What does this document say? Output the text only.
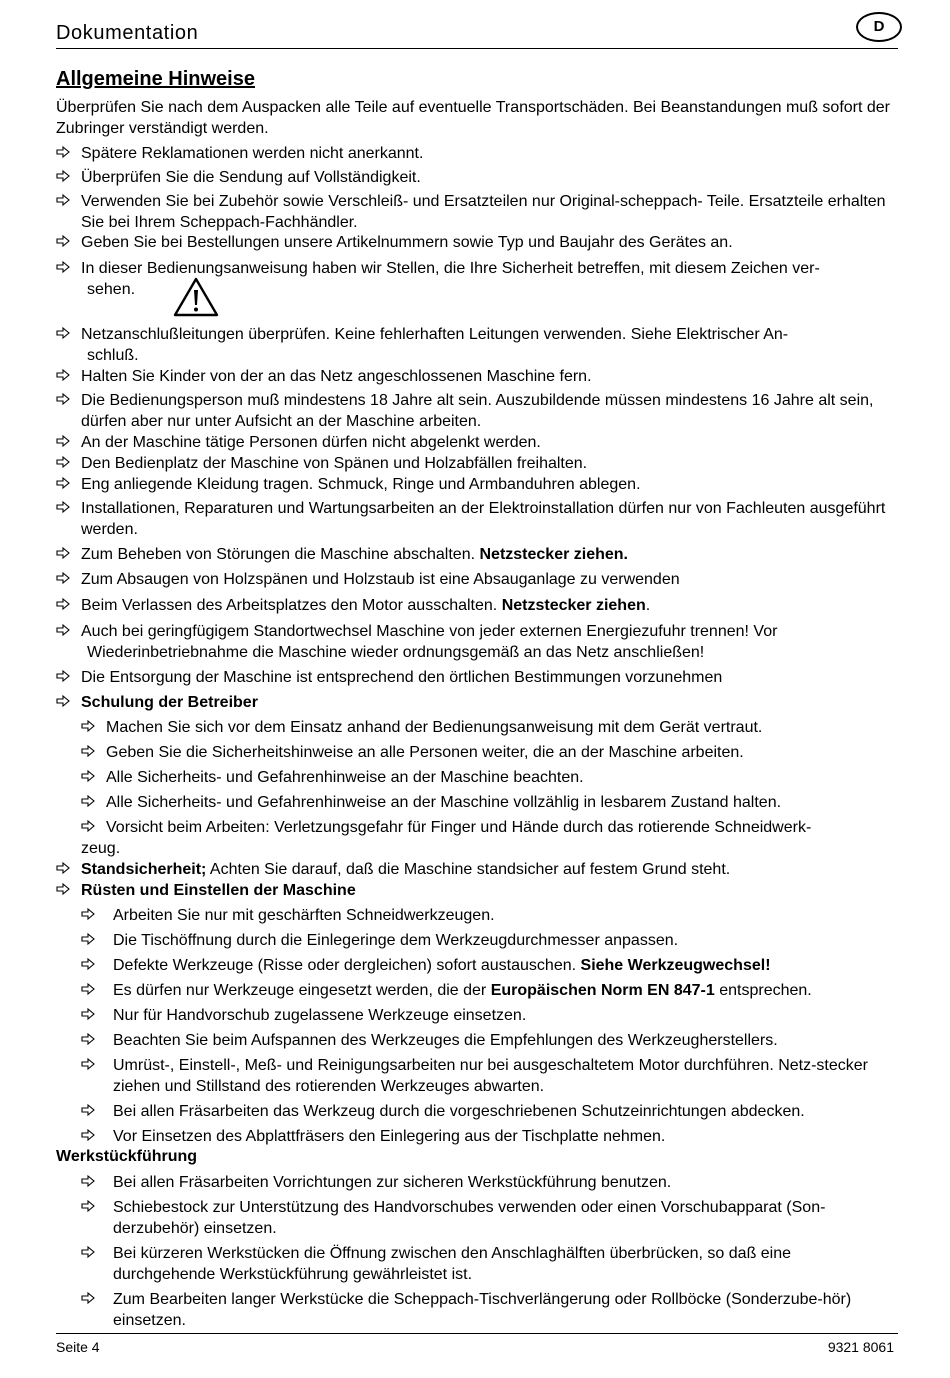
Dokumentation	D
Allgemeine Hinweise
Überprüfen Sie nach dem Auspacken alle Teile auf eventuelle Transportschäden. Bei Beanstandungen muß sofort der Zubringer verständigt werden.
Spätere Reklamationen werden nicht anerkannt.
Überprüfen Sie die Sendung auf Vollständigkeit.
Verwenden Sie bei Zubehör sowie Verschleiß- und Ersatzteilen nur Original-scheppach- Teile. Ersatzteile erhalten Sie bei Ihrem Scheppach-Fachhändler.
Geben Sie bei Bestellungen unsere Artikelnummern sowie Typ und Baujahr des Gerätes an.
In dieser Bedienungsanweisung haben wir Stellen, die Ihre Sicherheit betreffen, mit diesem Zeichen ver-
sehen.
Netzanschlußleitungen überprüfen. Keine fehlerhaften Leitungen verwenden. Siehe Elektrischer An-
schluß.
Halten Sie Kinder von der an das Netz angeschlossenen Maschine fern.
Die Bedienungsperson muß mindestens 18 Jahre alt sein. Auszubildende müssen mindestens 16 Jahre alt sein, dürfen aber nur unter Aufsicht an der Maschine arbeiten.
An der Maschine tätige Personen dürfen nicht abgelenkt werden.
Den Bedienplatz der Maschine von Spänen und Holzabfällen freihalten.
Eng anliegende Kleidung tragen. Schmuck, Ringe und Armbanduhren ablegen.
Installationen, Reparaturen und Wartungsarbeiten an der Elektroinstallation dürfen nur von Fachleuten ausgeführt werden.
Zum Beheben von Störungen die Maschine abschalten. Netzstecker ziehen.
Zum Absaugen von Holzspänen und Holzstaub ist eine Absauganlage zu verwenden
Beim Verlassen des Arbeitsplatzes den Motor ausschalten. Netzstecker ziehen.
Auch bei geringfügigem Standortwechsel Maschine von jeder externen Energiezufuhr trennen! Vor
Wiederinbetriebnahme die Maschine wieder ordnungsgemäß an das Netz anschließen!
Die Entsorgung der Maschine ist entsprechend den örtlichen Bestimmungen vorzunehmen
Schulung der Betreiber
Machen Sie sich vor dem Einsatz anhand der Bedienungsanweisung mit dem Gerät vertraut.
Geben Sie die Sicherheitshinweise an alle Personen weiter, die an der Maschine arbeiten.
Alle Sicherheits- und Gefahrenhinweise an der Maschine beachten.
Alle Sicherheits- und Gefahrenhinweise an der Maschine vollzählig in lesbarem Zustand halten.
Vorsicht beim Arbeiten: Verletzungsgefahr für Finger und Hände durch das rotierende Schneidwerk-
zeug.
Standsicherheit; Achten Sie darauf, daß die Maschine standsicher auf festem Grund steht.
Rüsten und Einstellen der Maschine
Arbeiten Sie nur mit geschärften Schneidwerkzeugen.
Die Tischöffnung durch die Einlegeringe dem Werkzeugdurchmesser anpassen.
Defekte Werkzeuge (Risse oder dergleichen) sofort austauschen. Siehe Werkzeugwechsel!
Es dürfen nur Werkzeuge eingesetzt werden, die der Europäischen Norm EN 847-1 entsprechen.
Nur für Handvorschub zugelassene Werkzeuge einsetzen.
Beachten Sie beim Aufspannen des Werkzeuges die Empfehlungen des Werkzeugherstellers.
Umrüst-, Einstell-, Meß- und Reinigungsarbeiten nur bei ausgeschaltetem Motor durchführen. Netz-stecker ziehen und Stillstand des rotierenden Werkzeuges abwarten.
Bei allen Fräsarbeiten das Werkzeug durch die vorgeschriebenen Schutzeinrichtungen abdecken.
Vor Einsetzen des Abplattfräsers den Einlegering aus der Tischplatte nehmen.
Werkstückführung
Bei allen Fräsarbeiten Vorrichtungen zur sicheren Werkstückführung benutzen.
Schiebestock zur Unterstützung des Handvorschubes verwenden oder einen Vorschubapparat (Son-derzubehör) einsetzen.
Bei kürzeren Werkstücken die Öffnung zwischen den Anschlaghälften überbrücken, so daß eine durchgehende Werkstückführung gewährleistet ist.
Zum Bearbeiten langer Werkstücke die Scheppach-Tischverlängerung oder Rollböcke (Sonderzube-hör) einsetzen.
Seite 4	9321 8061
